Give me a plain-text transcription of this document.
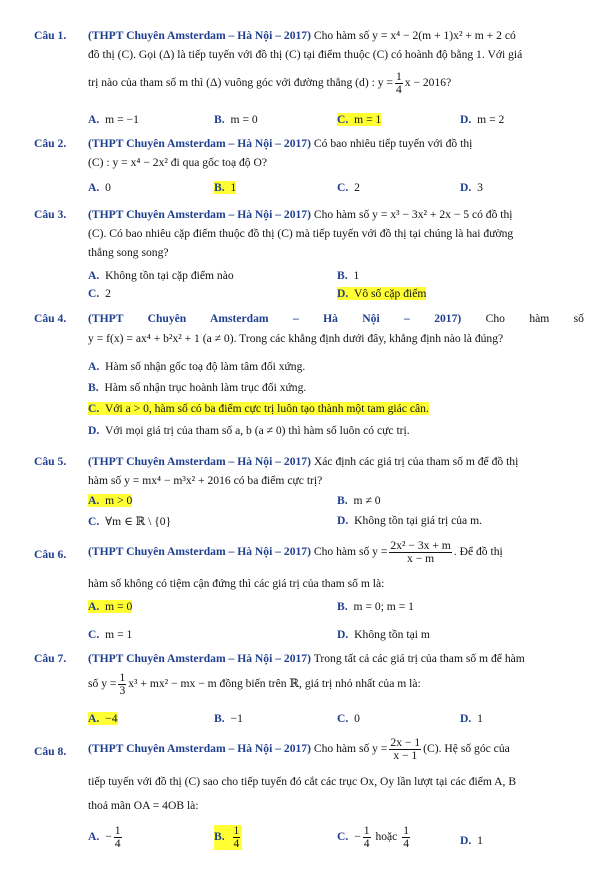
Câu 1. (THPT Chuyên Amsterdam – Hà Nội – 2017) Cho hàm số y = x⁴ − 2(m + 1)x² + m + 2 có
đồ thị (C). Gọi (Δ) là tiếp tuyến với đồ thị (C) tại điểm thuộc (C) có hoành độ bằng 1. Với giá
trị nào của tham số m thì (Δ) vuông góc với đường thẳng (d) : $y = \frac{1}{4}$ x − 2016?
A. m = −1	B. m = 0	C. m = 1	D. m = 2
Câu 2. (THPT Chuyên Amsterdam – Hà Nội – 2017) Có bao nhiêu tiếp tuyến với đồ thị
(C) : y = x⁴ − 2x² đi qua gốc toạ độ O?
A. 0	B. 1	C. 2	D. 3
Câu 3. (THPT Chuyên Amsterdam – Hà Nội – 2017) Cho hàm số y = x³ − 3x² + 2x − 5 có đồ thị
(C). Có bao nhiêu cặp điểm thuộc đồ thị (C) mà tiếp tuyến với đồ thị tại chúng là hai đường
thẳng song song?
A. Không tồn tại cặp điểm nào	B. 1
C. 2	D. Vô số cặp điểm
Câu 4. (THPT Chuyên Amsterdam – Hà Nội – 2017) Cho hàm số
y = f(x) = ax⁴ + b²x² + 1 (a ≠ 0). Trong các khẳng định dưới đây, khẳng định nào là đúng?
A. Hàm số nhận gốc toạ độ làm tâm đối xứng.
B. Hàm số nhận trục hoành làm trục đối xứng.
C. Với a > 0, hàm số có ba điểm cực trị luôn tạo thành một tam giác cân.
D. Với mọi giá trị của tham số a, b (a ≠ 0) thì hàm số luôn có cực trị.
Câu 5. (THPT Chuyên Amsterdam – Hà Nội – 2017) Xác định các giá trị của tham số m để đồ thị
hàm số y = mx⁴ − m³x² + 2016 có ba điểm cực trị?
A. m > 0	B. m ≠ 0
C. ∀m ∈ ℝ \ {0}	D. Không tồn tại giá trị của m.
Câu 6. (THPT Chuyên Amsterdam – Hà Nội – 2017) Cho hàm số $y = \frac{\text{2x² − 3x + m}}{x - m}$ . Để đồ thị
hàm số không có tiệm cận đứng thì các giá trị của tham số m là:
A. m = 0	B. m = 0; m = 1
C. m = 1	D. Không tồn tại m
Câu 7. (THPT Chuyên Amsterdam – Hà Nội – 2017) Trong tất cả các giá trị của tham số m để hàm
số $y = \frac{1}{3} x^3 + mx^2$ − mx − m đồng biến trên ℝ, giá trị nhỏ nhất của m là:
A. −4	B. −1	C. 0	D. 1
Câu 8. (THPT Chuyên Amsterdam – Hà Nội – 2017) Cho hàm số $y = \frac{2x - 1}{x - 1} (C)$. Hệ số góc của
tiếp tuyến với đồ thị (C) sao cho tiếp tuyến đó cắt các trục Ox, Oy lần lượt tại các điểm A, B
thoả mãn OA = 4OB là:
A. − $\frac{1}{4}$	B. $\frac{1}{4}$	C. − $\frac{1}{4}$ hoặc $\frac{1}{4}$	D. 1
